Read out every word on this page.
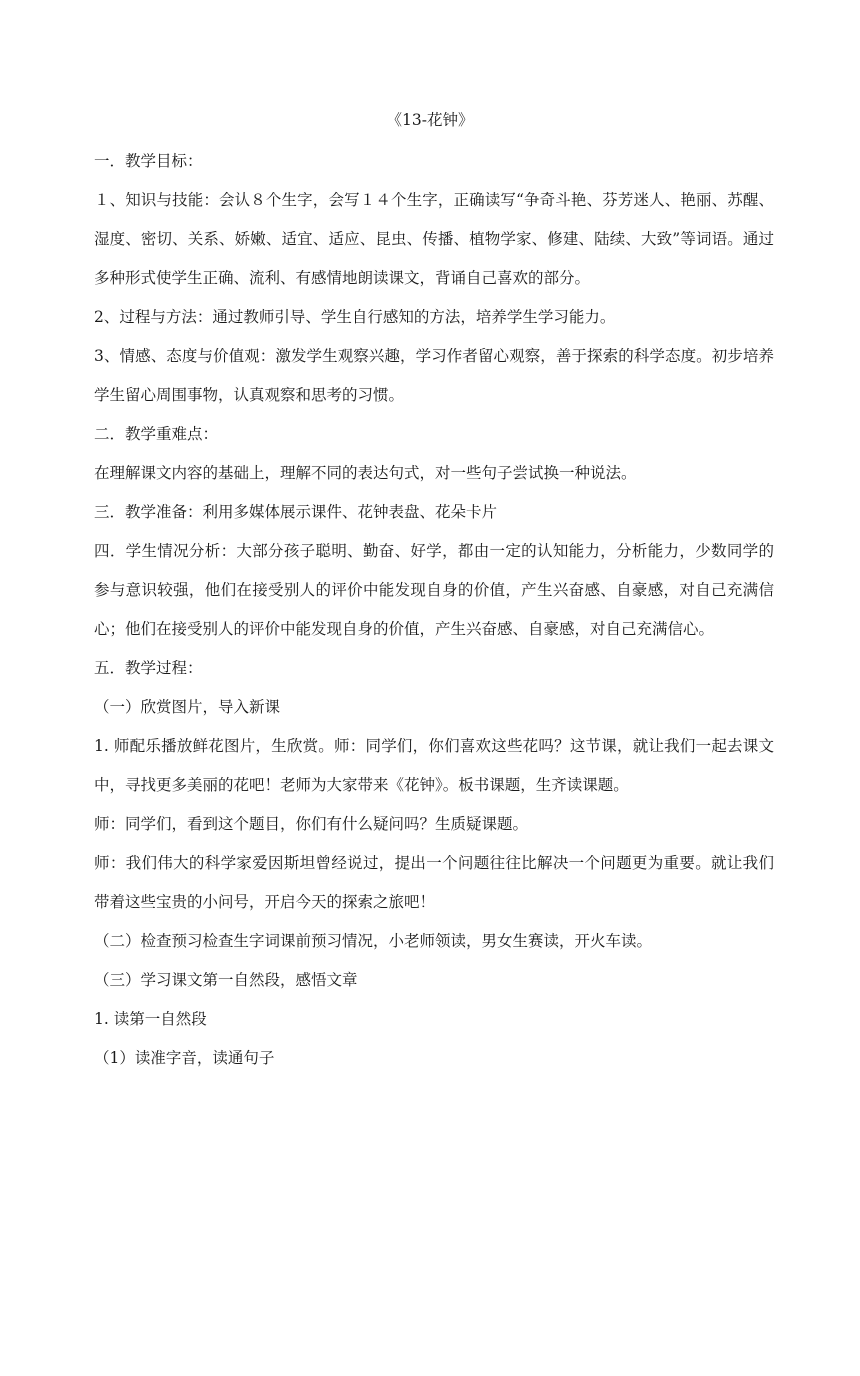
《13-花钟》

一．教学目标：

１、知识与技能：会认８个生字，会写１４个生字，正确读写“争奇斗艳、芬芳迷人、艳丽、苏醒、湿度、密切、关系、娇嫩、适宜、适应、昆虫、传播、植物学家、修建、陆续、大致”等词语。通过多种形式使学生正确、流利、有感情地朗读课文，背诵自己喜欢的部分。

2、过程与方法：通过教师引导、学生自行感知的方法，培养学生学习能力。

3、情感、态度与价值观：激发学生观察兴趣，学习作者留心观察，善于探索的科学态度。初步培养学生留心周围事物，认真观察和思考的习惯。

二．教学重难点：

在理解课文内容的基础上，理解不同的表达句式，对一些句子尝试换一种说法。

三．教学准备：利用多媒体展示课件、花钟表盘、花朵卡片

四．学生情况分析：大部分孩子聪明、勤奋、好学，都由一定的认知能力，分析能力，少数同学的参与意识较强，他们在接受别人的评价中能发现自身的价值，产生兴奋感、自豪感，对自己充满信心；他们在接受别人的评价中能发现自身的价值，产生兴奋感、自豪感，对自己充满信心。

五．教学过程：

（一）欣赏图片，导入新课

1. 师配乐播放鲜花图片，生欣赏。师：同学们，你们喜欢这些花吗？这节课，就让我们一起去课文中，寻找更多美丽的花吧！老师为大家带来《花钟》。板书课题，生齐读课题。

师：同学们，看到这个题目，你们有什么疑问吗？生质疑课题。

师：我们伟大的科学家爱因斯坦曾经说过，提出一个问题往往比解决一个问题更为重要。就让我们带着这些宝贵的小问号，开启今天的探索之旅吧！

（二）检查预习检查生字词课前预习情况，小老师领读，男女生赛读，开火车读。

（三）学习课文第一自然段，感悟文章

1. 读第一自然段

（1）读准字音，读通句子
